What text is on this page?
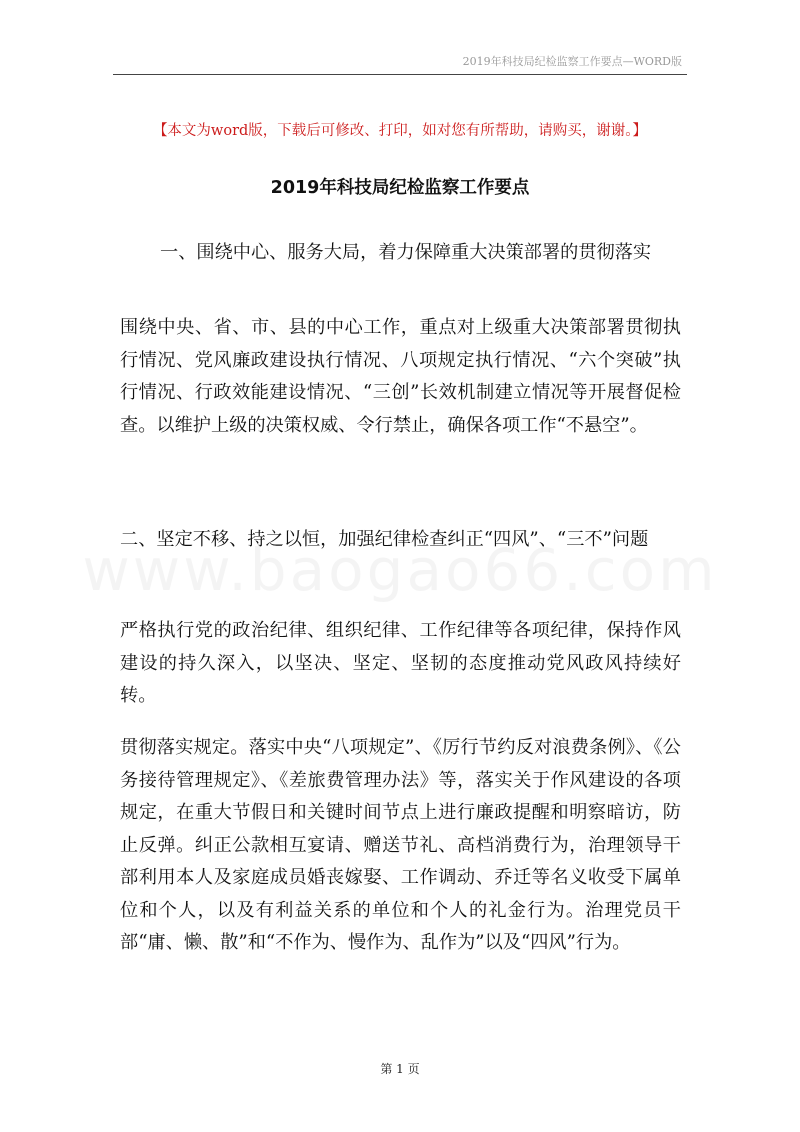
2019年科技局纪检监察工作要点—WORD版
【本文为word版，下载后可修改、打印，如对您有所帮助，请购买，谢谢。】
2019年科技局纪检监察工作要点
一、围绕中心、服务大局，着力保障重大决策部署的贯彻落实
围绕中央、省、市、县的中心工作，重点对上级重大决策部署贯彻执行情况、党风廉政建设执行情况、八项规定执行情况、“六个突破”执行情况、行政效能建设情况、“三创”长效机制建立情况等开展督促检查。以维护上级的决策权威、令行禁止，确保各项工作“不悬空”。
二、坚定不移、持之以恒，加强纪律检查纠正“四风”、“三不”问题
严格执行党的政治纪律、组织纪律、工作纪律等各项纪律，保持作风建设的持久深入，以坚决、坚定、坚韧的态度推动党风政风持续好转。
贯彻落实规定。落实中央“八项规定”、《厉行节约反对浪费条例》、《公务接待管理规定》、《差旅费管理办法》等，落实关于作风建设的各项规定，在重大节假日和关键时间节点上进行廉政提醒和明察暗访，防止反弹。纠正公款相互宴请、赠送节礼、高档消费行为，治理领导干部利用本人及家庭成员婚丧嫁娶、工作调动、乔迁等名义收受下属单位和个人，以及有利益关系的单位和个人的礼金行为。治理党员干部“庸、懒、散”和“不作为、慢作为、乱作为”以及“四风”行为。
第 1 页
